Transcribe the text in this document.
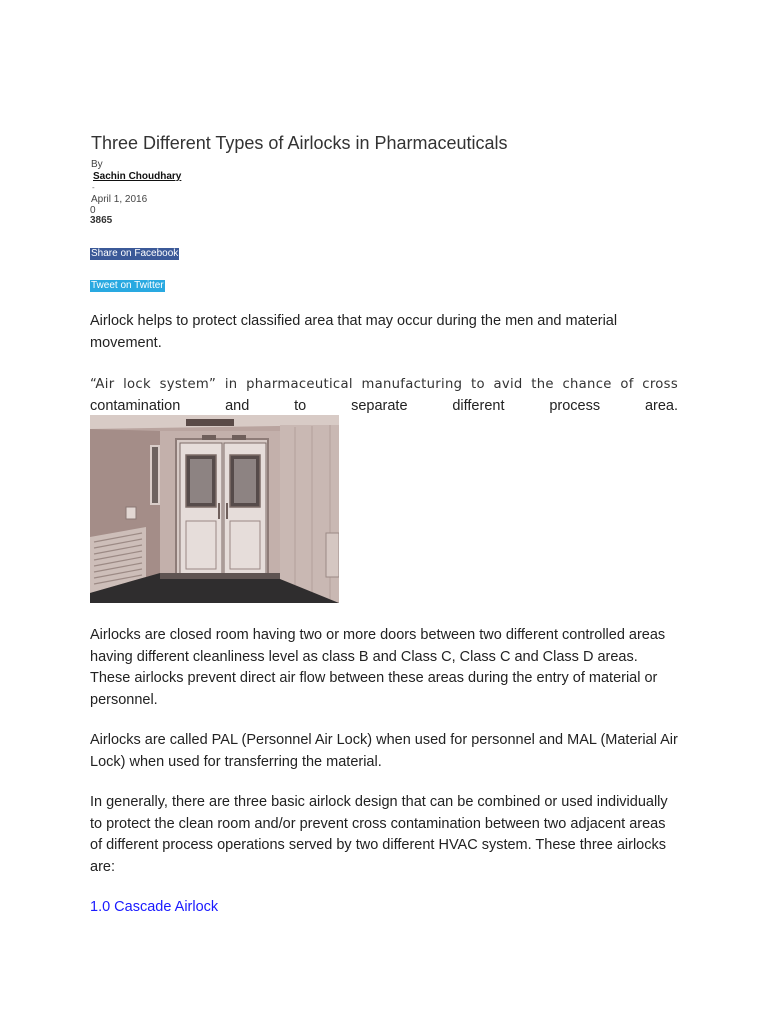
Three Different Types of Airlocks in Pharmaceuticals
By
Sachin Choudhary
-
April 1, 2016
0
3865
Share on Facebook
Tweet on Twitter

Airlock helps to protect classified area that may occur during the men and material movement.

“Air lock system” in pharmaceutical manufacturing to avid the chance of cross
contamination and to separate different process area.

Airlocks are closed room having two or more doors between two different controlled areas having different cleanliness level as class B and Class C, Class C and Class D areas. These airlocks prevent direct air flow between these areas during the entry of material or personnel.

Airlocks are called PAL (Personnel Air Lock) when used for personnel and MAL (Material Air Lock) when used for transferring the material.

In generally, there are three basic airlock design that can be combined or used individually to protect the clean room and/or prevent cross contamination between two adjacent areas of different process operations served by two different HVAC system. These three airlocks are:

1.0 Cascade Airlock
